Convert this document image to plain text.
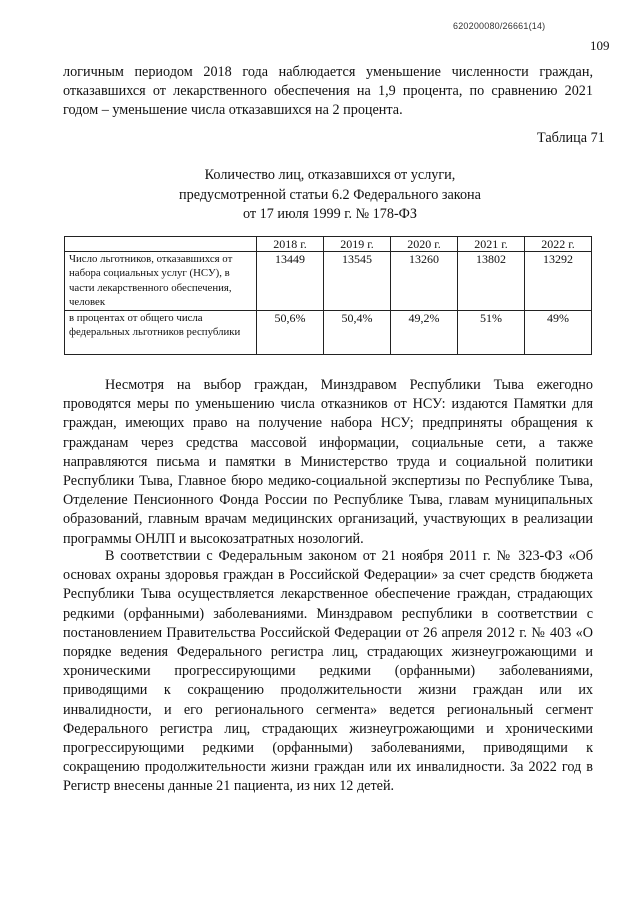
620200080/26661(14)
109

логичным периодом 2018 года наблюдается уменьшение численности граждан, отказавшихся от лекарственного обеспечения на 1,9 процента, по сравнению 2021 годом – уменьшение числа отказавшихся на 2 процента.

Таблица 71

Количество лиц, отказавшихся от услуги,
предусмотренной статьи 6.2 Федерального закона
от 17 июля 1999 г. № 178-ФЗ

	2018 г.	2019 г.	2020 г.	2021 г.	2022 г.
Число льготников, отказавшихся от набора социальных услуг (НСУ), в части лекарственного обеспечения, человек	13449	13545	13260	13802	13292
в процентах от общего числа федеральных льготников республики	50,6%	50,4%	49,2%	51%	49%

Несмотря на выбор граждан, Минздравом Республики Тыва ежегодно проводятся меры по уменьшению числа отказников от НСУ: издаются Памятки для граждан, имеющих право на получение набора НСУ; предприняты обращения к гражданам через средства массовой информации, социальные сети, а также направляются письма и памятки в Министерство труда и социальной политики Республики Тыва, Главное бюро медико-социальной экспертизы по Республике Тыва, Отделение Пенсионного Фонда России по Республике Тыва, главам муниципальных образований, главным врачам медицинских организаций, участвующих в реализации программы ОНЛП и высокозатратных нозологий.

В соответствии с Федеральным законом от 21 ноября 2011 г. № 323-ФЗ «Об основах охраны здоровья граждан в Российской Федерации» за счет средств бюджета Республики Тыва осуществляется лекарственное обеспечение граждан, страдающих редкими (орфанными) заболеваниями. Минздравом республики в соответствии с постановлением Правительства Российской Федерации от 26 апреля 2012 г. № 403 «О порядке ведения Федерального регистра лиц, страдающих жизнеугрожающими и хроническими прогрессирующими редкими (орфанными) заболеваниями, приводящими к сокращению продолжительности жизни граждан или их инвалидности, и его регионального сегмента» ведется региональный сегмент Федерального регистра лиц, страдающих жизнеугрожающими и хроническими прогрессирующими редкими (орфанными) заболеваниями, приводящими к сокращению продолжительности жизни граждан или их инвалидности. За 2022 год в Регистр внесены данные 21 пациента, из них 12 детей.
